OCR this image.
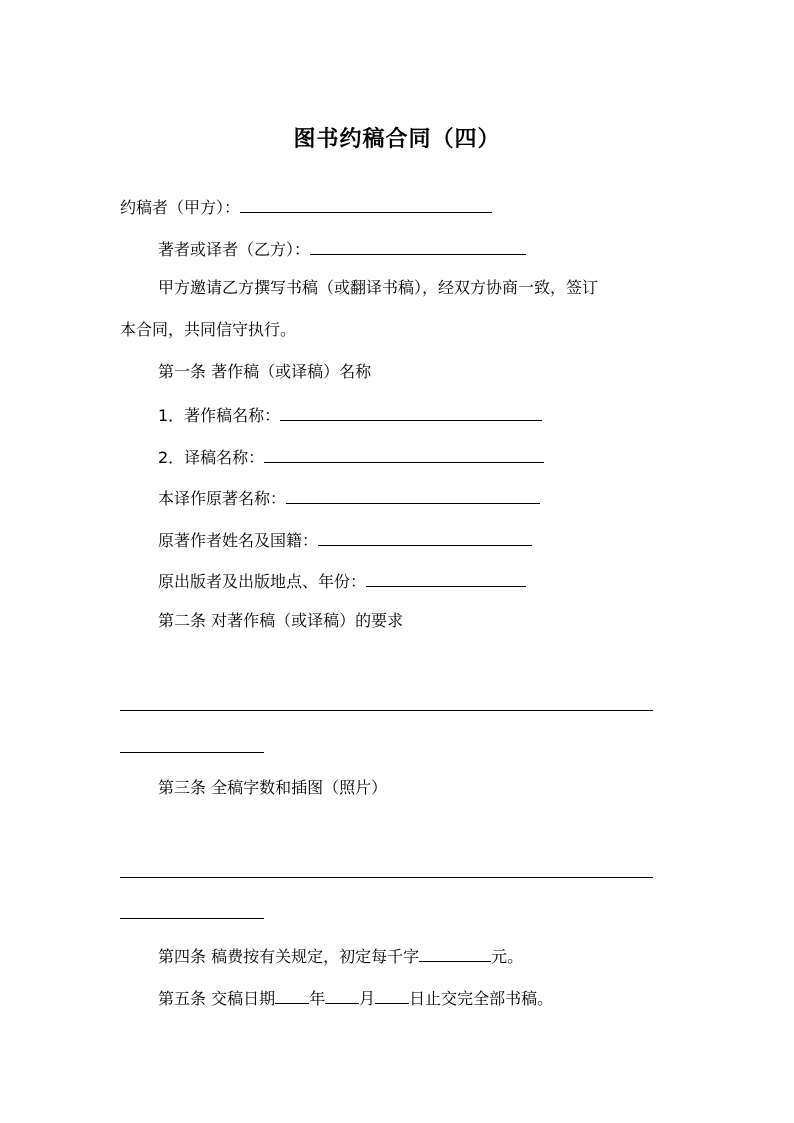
图书约稿合同（四）
约稿者（甲方）：
著者或译者（乙方）：
甲方邀请乙方撰写书稿（或翻译书稿），经双方协商一致，签订
本合同，共同信守执行。
第一条 著作稿（或译稿）名称
1．著作稿名称：
2．译稿名称：
本译作原著名称：
原著作者姓名及国籍：
原出版者及出版地点、年份：
第二条 对著作稿（或译稿）的要求
第三条 全稿字数和插图（照片）
第四条 稿费按有关规定，初定每千字	元。
第五条 交稿日期 年 月 日止交完全部书稿。
